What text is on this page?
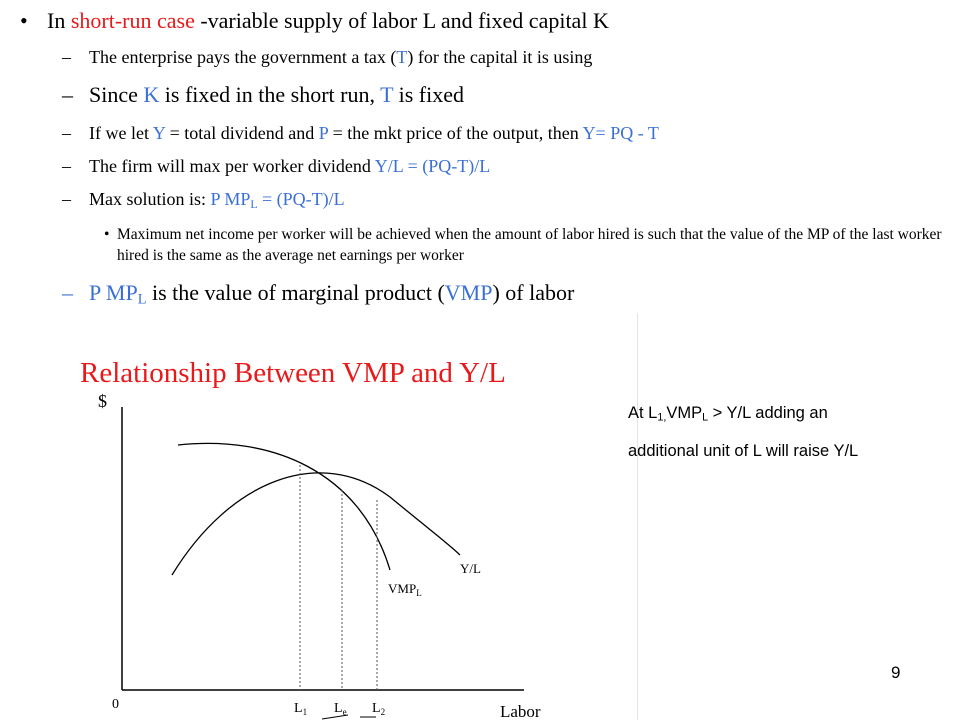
• In short-run case -variable supply of labor L and fixed capital K
– The enterprise pays the government a tax (T) for the capital it is using
– Since K is fixed in the short run, T is fixed
– If we let Y = total dividend and P = the mkt price of the output, then Y= PQ - T
– The firm will max per worker dividend Y/L = (PQ-T)/L
– Max solution is: P $MP_L = (PQ-T)/L$
• Maximum net income per worker will be achieved when the amount of labor hired is such that the value of the MP of the last worker hired is the same as the average net earnings per worker
– P $MP_L$ is the value of marginal product (VMP) of labor
Relationship Between VMP and Y/L
$
0	$L_1$ $L_e$ $L_2$	Labor
$VMP_L$
Y/L
At $L_{1,}VMP_L > Y/L$ adding an
additional unit of L will raise Y/L
9
